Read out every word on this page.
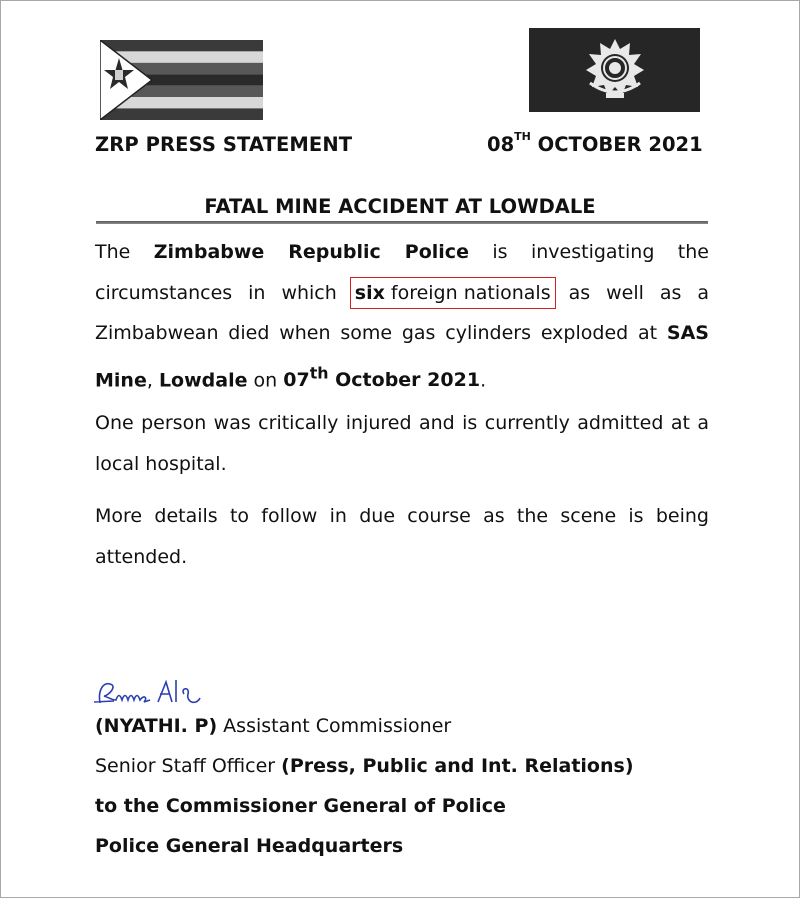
ZRP PRESS STATEMENT	08TH OCTOBER 2021
FATAL MINE ACCIDENT AT LOWDALE
The Zimbabwe Republic Police is investigating the circumstances in which six foreign nationals as well as a Zimbabwean died when some gas cylinders exploded at SAS Mine, Lowdale on 07th October 2021.
One person was critically injured and is currently admitted at a local hospital.
More details to follow in due course as the scene is being attended.
(NYATHI. P) Assistant Commissioner
Senior Staff Officer (Press, Public and Int. Relations)
to the Commissioner General of Police
Police General Headquarters
